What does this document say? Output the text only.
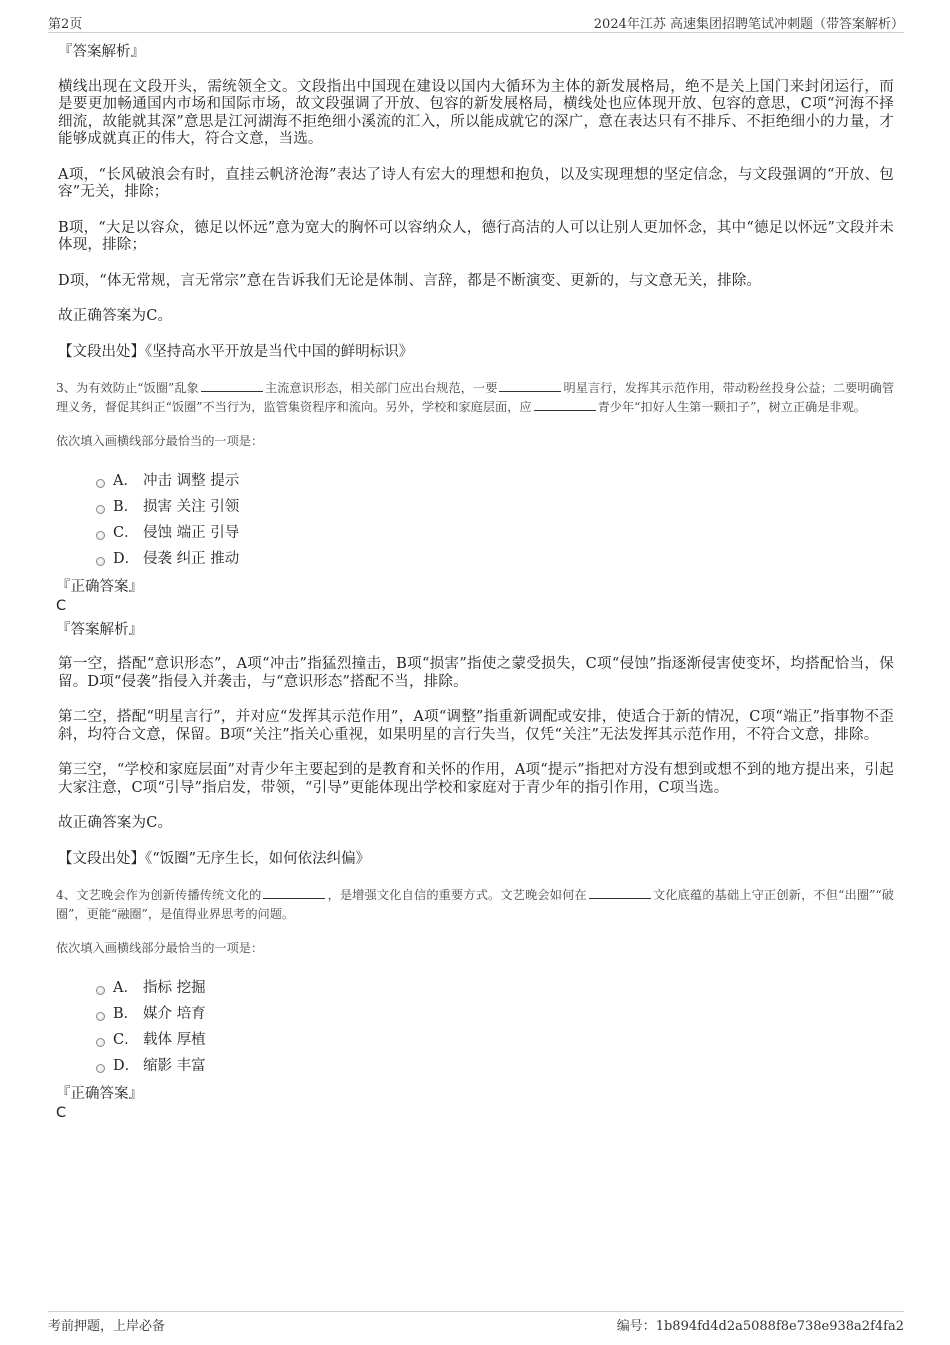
第2页	2024年江苏 高速集团招聘笔试冲刺题（带答案解析）
『答案解析』

横线出现在文段开头，需统领全文。文段指出中国现在建设以国内大循环为主体的新发展格局，绝不是关上国门来封闭运行，而是要更加畅通国内市场和国际市场，故文段强调了开放、包容的新发展格局，横线处也应体现开放、包容的意思，C项“河海不择细流，故能就其深”意思是江河湖海不拒绝细小溪流的汇入，所以能成就它的深广，意在表达只有不排斥、不拒绝细小的力量，才能够成就真正的伟大，符合文意，当选。

A项，“长风破浪会有时，直挂云帆济沧海”表达了诗人有宏大的理想和抱负，以及实现理想的坚定信念，与文段强调的“开放、包容”无关，排除；

B项，“大足以容众，德足以怀远”意为宽大的胸怀可以容纳众人，德行高洁的人可以让别人更加怀念，其中“德足以怀远”文段并未体现，排除；

D项，“体无常规，言无常宗”意在告诉我们无论是体制、言辞，都是不断演变、更新的，与文意无关，排除。

故正确答案为C。

【文段出处】《坚持高水平开放是当代中国的鲜明标识》
3、为有效防止“饭圈”乱象	主流意识形态，相关部门应出台规范，一要	明星言行，发挥其示范作用，带动粉丝投身公益；二要明确管理义务，督促其纠正“饭圈”不当行为，监管集资程序和流向。另外，学校和家庭层面，应	青少年“扣好人生第一颗扣子”，树立正确是非观。
依次填入画横线部分最恰当的一项是：
A． 冲击 调整 提示
B． 损害 关注 引领
C． 侵蚀 端正 引导
D． 侵袭 纠正 推动
『正确答案』
C
『答案解析』

第一空，搭配“意识形态”，A项“冲击”指猛烈撞击，B项“损害”指使之蒙受损失，C项“侵蚀”指逐渐侵害使变坏，均搭配恰当，保留。D项“侵袭”指侵入并袭击，与“意识形态”搭配不当，排除。

第二空，搭配“明星言行”，并对应“发挥其示范作用”，A项“调整”指重新调配或安排，使适合于新的情况，C项“端正”指事物不歪斜，均符合文意，保留。B项“关注”指关心重视，如果明星的言行失当，仅凭“关注”无法发挥其示范作用，不符合文意，排除。

第三空，“学校和家庭层面”对青少年主要起到的是教育和关怀的作用，A项“提示”指把对方没有想到或想不到的地方提出来，引起大家注意，C项“引导”指启发，带领，“引导”更能体现出学校和家庭对于青少年的指引作用，C项当选。

故正确答案为C。

【文段出处】《“饭圈”无序生长，如何依法纠偏》
4、文艺晚会作为创新传播传统文化的	，是增强文化自信的重要方式。文艺晚会如何在	文化底蕴的基础上守正创新，不但“出圈”“破圈”，更能“融圈”，是值得业界思考的问题。
依次填入画横线部分最恰当的一项是：
A． 指标 挖掘
B． 媒介 培育
C． 载体 厚植
D． 缩影 丰富
『正确答案』
C
考前押题，上岸必备	编号：1b894fd4d2a5088f8e738e938a2f4fa2
